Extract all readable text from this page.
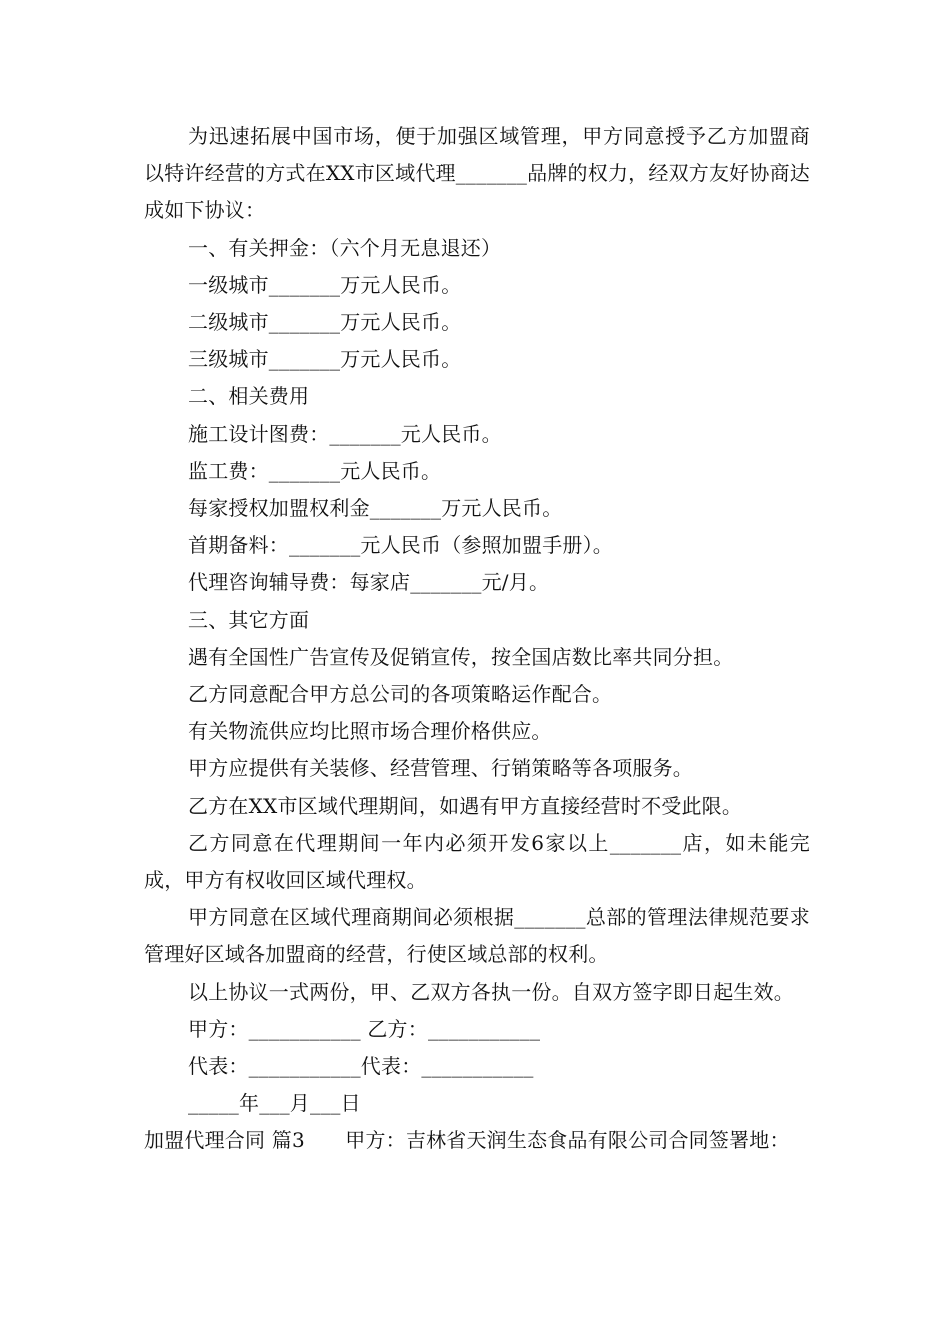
为迅速拓展中国市场，便于加强区域管理，甲方同意授予乙方加盟商以特许经营的方式在XX市区域代理_______品牌的权力，经双方友好协商达成如下协议：

一、有关押金：（六个月无息退还）

一级城市_______万元人民币。

二级城市_______万元人民币。

三级城市_______万元人民币。

二、相关费用

施工设计图费：_______元人民币。

监工费：_______元人民币。

每家授权加盟权利金_______万元人民币。

首期备料：_______元人民币（参照加盟手册）。

代理咨询辅导费：每家店_______元/月。

三、其它方面

遇有全国性广告宣传及促销宣传，按全国店数比率共同分担。

乙方同意配合甲方总公司的各项策略运作配合。

有关物流供应均比照市场合理价格供应。

甲方应提供有关装修、经营管理、行销策略等各项服务。

乙方在XX市区域代理期间，如遇有甲方直接经营时不受此限。

乙方同意在代理期间一年内必须开发6家以上_______店，如未能完成，甲方有权收回区域代理权。

甲方同意在区域代理商期间必须根据_______总部的管理法律规范要求管理好区域各加盟商的经营，行使区域总部的权利。

以上协议一式两份，甲、乙双方各执一份。自双方签字即日起生效。

甲方：___________ 乙方：___________

代表：___________代表：___________

_____年___月___日

加盟代理合同 篇3　　甲方：吉林省天润生态食品有限公司合同签署地：
